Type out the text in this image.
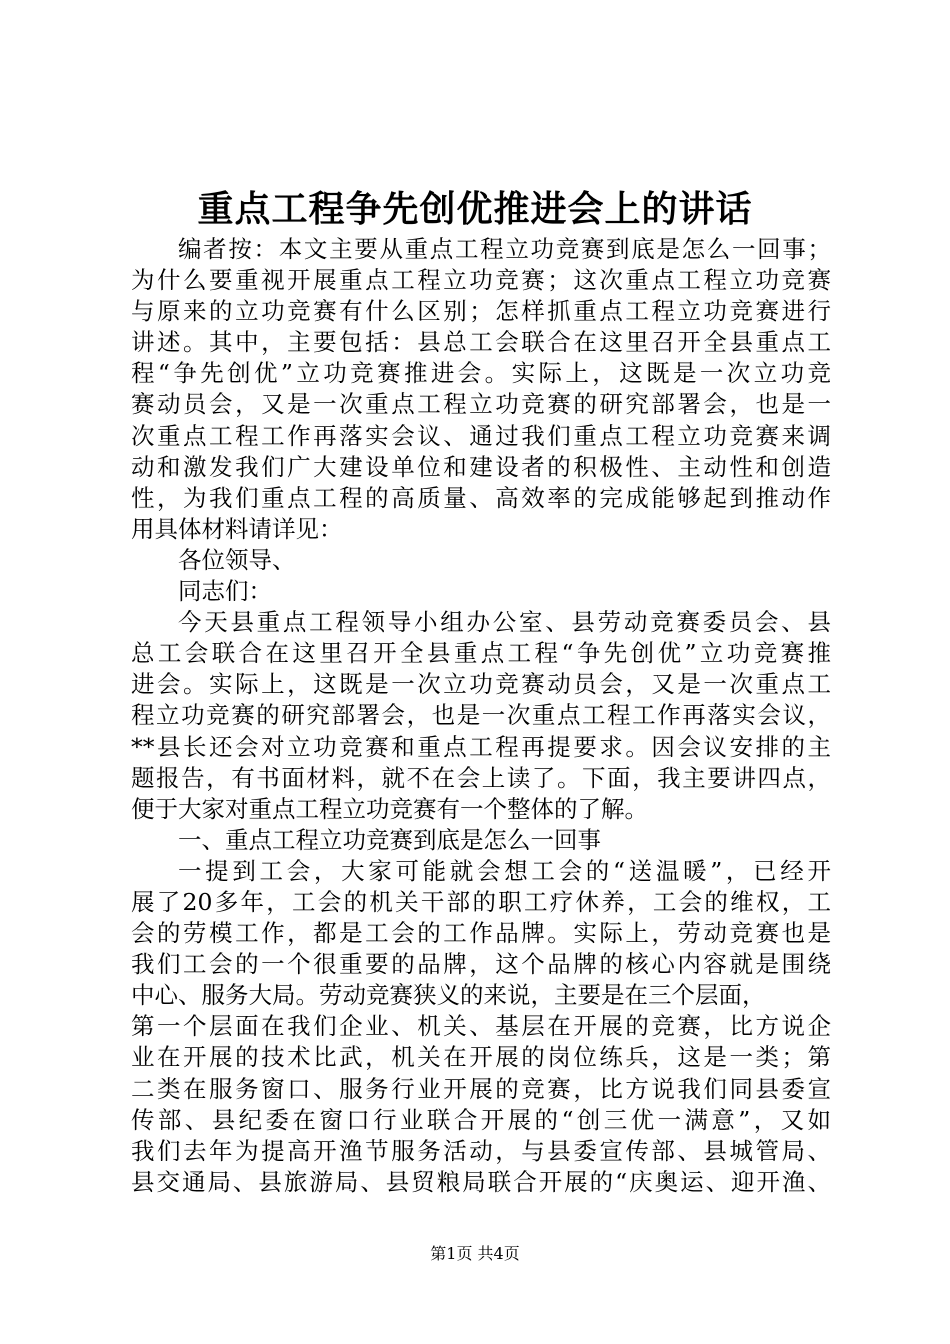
重点工程争先创优推进会上的讲话
编者按：本文主要从重点工程立功竞赛到底是怎么一回事；
为什么要重视开展重点工程立功竞赛；这次重点工程立功竞赛
与原来的立功竞赛有什么区别；怎样抓重点工程立功竞赛进行
讲述。其中，主要包括：县总工会联合在这里召开全县重点工
程“争先创优”立功竞赛推进会。实际上，这既是一次立功竞
赛动员会，又是一次重点工程立功竞赛的研究部署会，也是一
次重点工程工作再落实会议、通过我们重点工程立功竞赛来调
动和激发我们广大建设单位和建设者的积极性、主动性和创造
性，为我们重点工程的高质量、高效率的完成能够起到推动作
用具体材料请详见：
各位领导、
同志们：
今天县重点工程领导小组办公室、县劳动竞赛委员会、县
总工会联合在这里召开全县重点工程“争先创优”立功竞赛推
进会。实际上，这既是一次立功竞赛动员会，又是一次重点工
程立功竞赛的研究部署会，也是一次重点工程工作再落实会议，
**县长还会对立功竞赛和重点工程再提要求。因会议安排的主
题报告，有书面材料，就不在会上读了。下面，我主要讲四点，
便于大家对重点工程立功竞赛有一个整体的了解。
一、重点工程立功竞赛到底是怎么一回事
一提到工会，大家可能就会想工会的“送温暖”，已经开
展了20多年，工会的机关干部的职工疗休养，工会的维权，工
会的劳模工作，都是工会的工作品牌。实际上，劳动竞赛也是
我们工会的一个很重要的品牌，这个品牌的核心内容就是围绕
中心、服务大局。劳动竞赛狭义的来说，主要是在三个层面，
第一个层面在我们企业、机关、基层在开展的竞赛，比方说企
业在开展的技术比武，机关在开展的岗位练兵，这是一类；第
二类在服务窗口、服务行业开展的竞赛，比方说我们同县委宣
传部、县纪委在窗口行业联合开展的“创三优一满意”，又如
我们去年为提高开渔节服务活动，与县委宣传部、县城管局、
县交通局、县旅游局、县贸粮局联合开展的“庆奥运、迎开渔、
第1页 共4页
